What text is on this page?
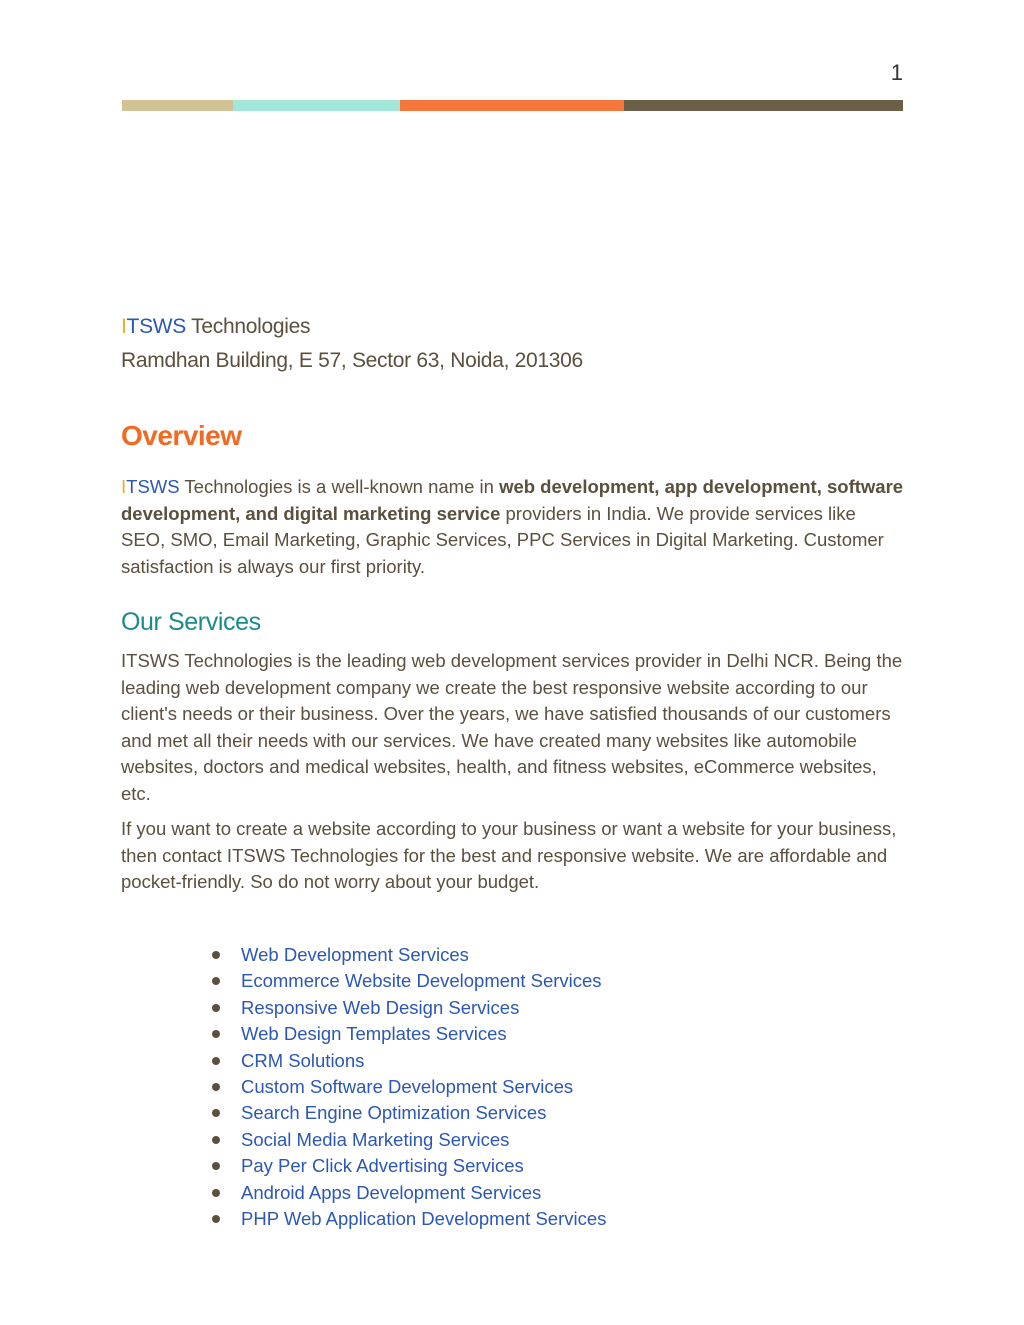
1

ITSWS Technologies

Ramdhan Building, E 57, Sector 63, Noida, 201306

Overview

ITSWS Technologies is a well-known name in web development, app development, software development, and digital marketing service providers in India. We provide services like SEO, SMO, Email Marketing, Graphic Services, PPC Services in Digital Marketing. Customer satisfaction is always our first priority.

Our Services

ITSWS Technologies is the leading web development services provider in Delhi NCR. Being the leading web development company we create the best responsive website according to our client's needs or their business. Over the years, we have satisfied thousands of our customers and met all their needs with our services. We have created many websites like automobile websites, doctors and medical websites, health, and fitness websites, eCommerce websites, etc.

If you want to create a website according to your business or want a website for your business, then contact ITSWS Technologies for the best and responsive website. We are affordable and pocket-friendly. So do not worry about your budget.

Web Development Services
Ecommerce Website Development Services
Responsive Web Design Services
Web Design Templates Services
CRM Solutions
Custom Software Development Services
Search Engine Optimization Services
Social Media Marketing Services
Pay Per Click Advertising Services
Android Apps Development Services
PHP Web Application Development Services
